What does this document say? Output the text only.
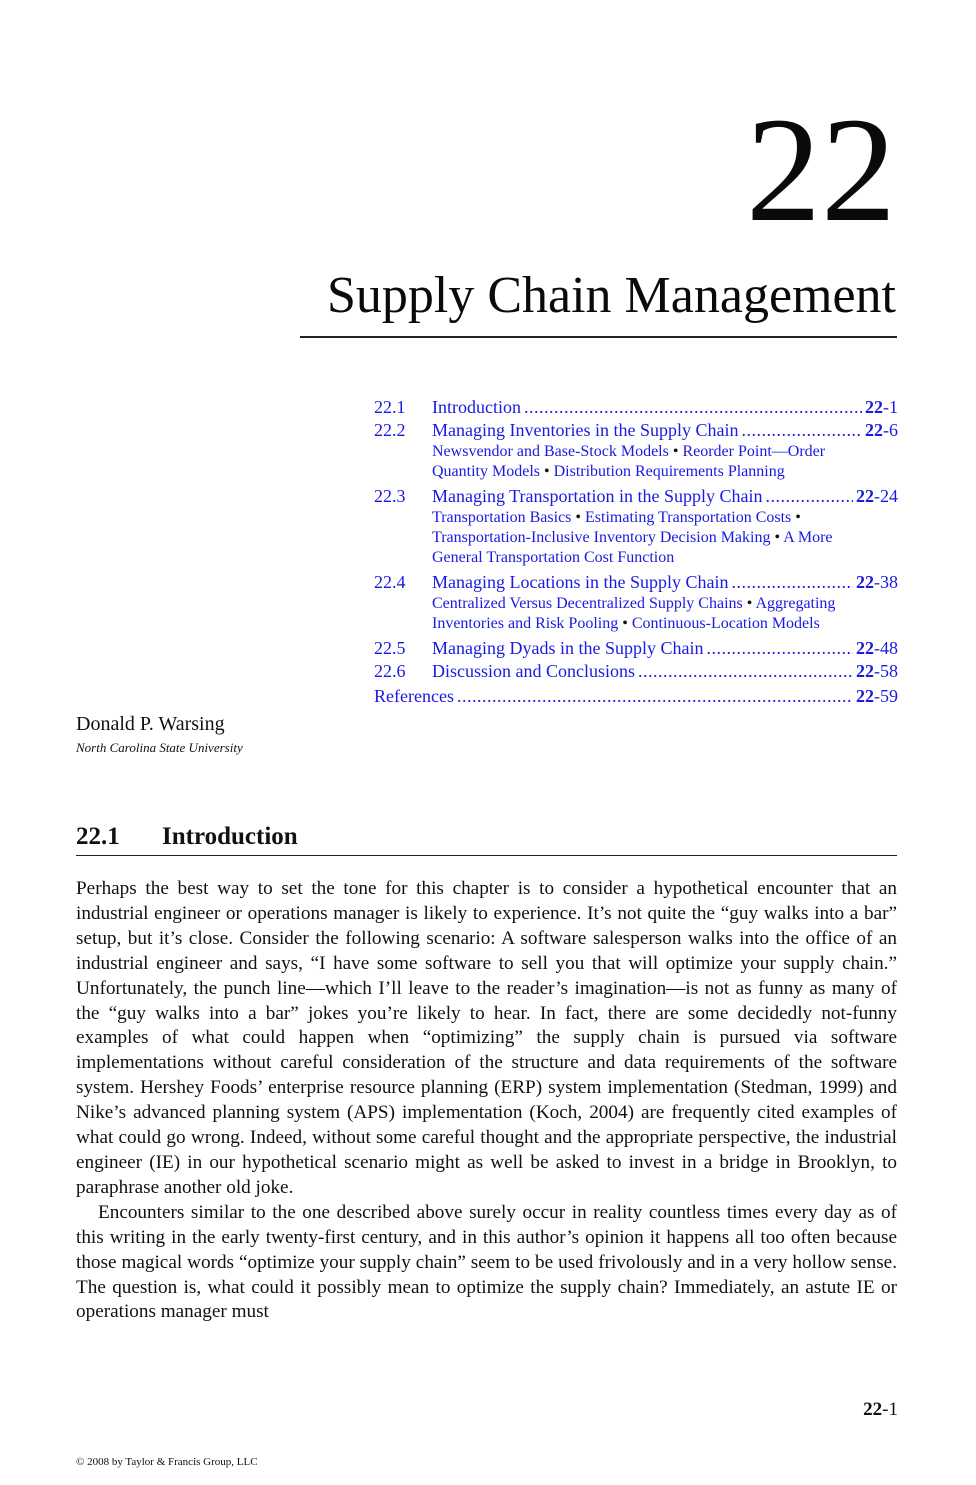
22
Supply Chain Management
22.1	Introduction . . .	22-1
22.2	Managing Inventories in the Supply Chain . . .	22-6
Newsvendor and Base-Stock Models • Reorder Point—Order Quantity Models • Distribution Requirements Planning
22.3	Managing Transportation in the Supply Chain . . .	22-24
Transportation Basics • Estimating Transportation Costs • Transportation-Inclusive Inventory Decision Making • A More General Transportation Cost Function
22.4	Managing Locations in the Supply Chain . . .	22-38
Centralized Versus Decentralized Supply Chains • Aggregating Inventories and Risk Pooling • Continuous-Location Models
22.5	Managing Dyads in the Supply Chain . . .	22-48
22.6	Discussion and Conclusions . . .	22-58
References . . .	22-59
Donald P. Warsing
North Carolina State University
22.1 Introduction

Perhaps the best way to set the tone for this chapter is to consider a hypothetical encounter that an industrial engineer or operations manager is likely to experience. It’s not quite the “guy walks into a bar” setup, but it’s close. Consider the following scenario: A software salesperson walks into the office of an industrial engineer and says, “I have some software to sell you that will optimize your supply chain.” Unfortunately, the punch line—which I’ll leave to the reader’s imagination—is not as funny as many of the “guy walks into a bar” jokes you’re likely to hear. In fact, there are some decidedly not-funny examples of what could happen when “optimizing” the supply chain is pursued via software implementations without careful consideration of the structure and data requirements of the software system. Hershey Foods’ enterprise resource planning (ERP) system implementation (Stedman, 1999) and Nike’s advanced planning system (APS) implementation (Koch, 2004) are frequently cited examples of what could go wrong. Indeed, without some careful thought and the appropriate perspective, the industrial engineer (IE) in our hypothetical scenario might as well be asked to invest in a bridge in Brooklyn, to paraphrase another old joke.

Encounters similar to the one described above surely occur in reality countless times every day as of this writing in the early twenty-first century, and in this author’s opinion it happens all too often because those magical words “optimize your supply chain” seem to be used frivolously and in a very hollow sense. The question is, what could it possibly mean to optimize the supply chain? Immediately, an astute IE or operations manager must

22-1
© 2008 by Taylor & Francis Group, LLC
